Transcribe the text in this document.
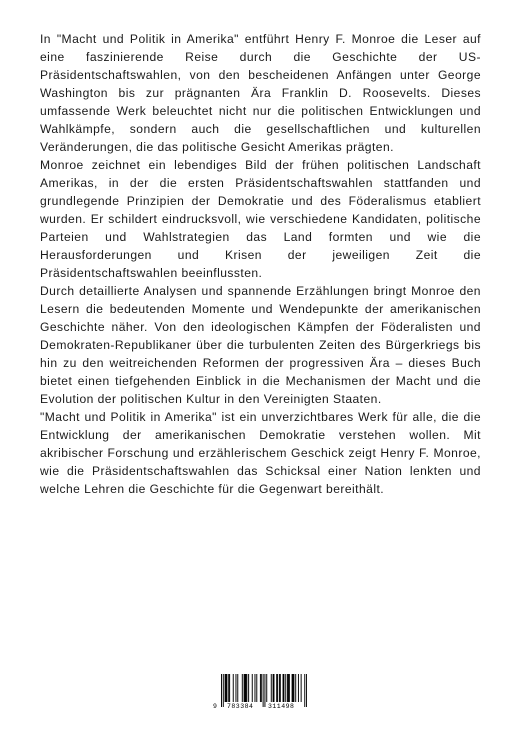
In "Macht und Politik in Amerika" entführt Henry F. Monroe die Leser auf eine faszinierende Reise durch die Geschichte der US-Präsidentschaftswahlen, von den bescheidenen Anfängen unter George Washington bis zur prägnanten Ära Franklin D. Roosevelts. Dieses umfassende Werk beleuchtet nicht nur die politischen Entwicklungen und Wahlkämpfe, sondern auch die gesellschaftlichen und kulturellen Veränderungen, die das politische Gesicht Amerikas prägten.

Monroe zeichnet ein lebendiges Bild der frühen politischen Landschaft Amerikas, in der die ersten Präsidentschaftswahlen stattfanden und grundlegende Prinzipien der Demokratie und des Föderalismus etabliert wurden. Er schildert eindrucksvoll, wie verschiedene Kandidaten, politische Parteien und Wahlstrategien das Land formten und wie die Herausforderungen und Krisen der jeweiligen Zeit die Präsidentschaftswahlen beeinflussten.

Durch detaillierte Analysen und spannende Erzählungen bringt Monroe den Lesern die bedeutenden Momente und Wendepunkte der amerikanischen Geschichte näher. Von den ideologischen Kämpfen der Föderalisten und Demokraten-Republikaner über die turbulenten Zeiten des Bürgerkriegs bis hin zu den weitreichenden Reformen der progressiven Ära – dieses Buch bietet einen tiefgehenden Einblick in die Mechanismen der Macht und die Evolution der politischen Kultur in den Vereinigten Staaten.

"Macht und Politik in Amerika" ist ein unverzichtbares Werk für alle, die die Entwicklung der amerikanischen Demokratie verstehen wollen. Mit akribischer Forschung und erzählerischem Geschick zeigt Henry F. Monroe, wie die Präsidentschaftswahlen das Schicksal einer Nation lenkten und welche Lehren die Geschichte für die Gegenwart bereithält.

9 783384 311498
